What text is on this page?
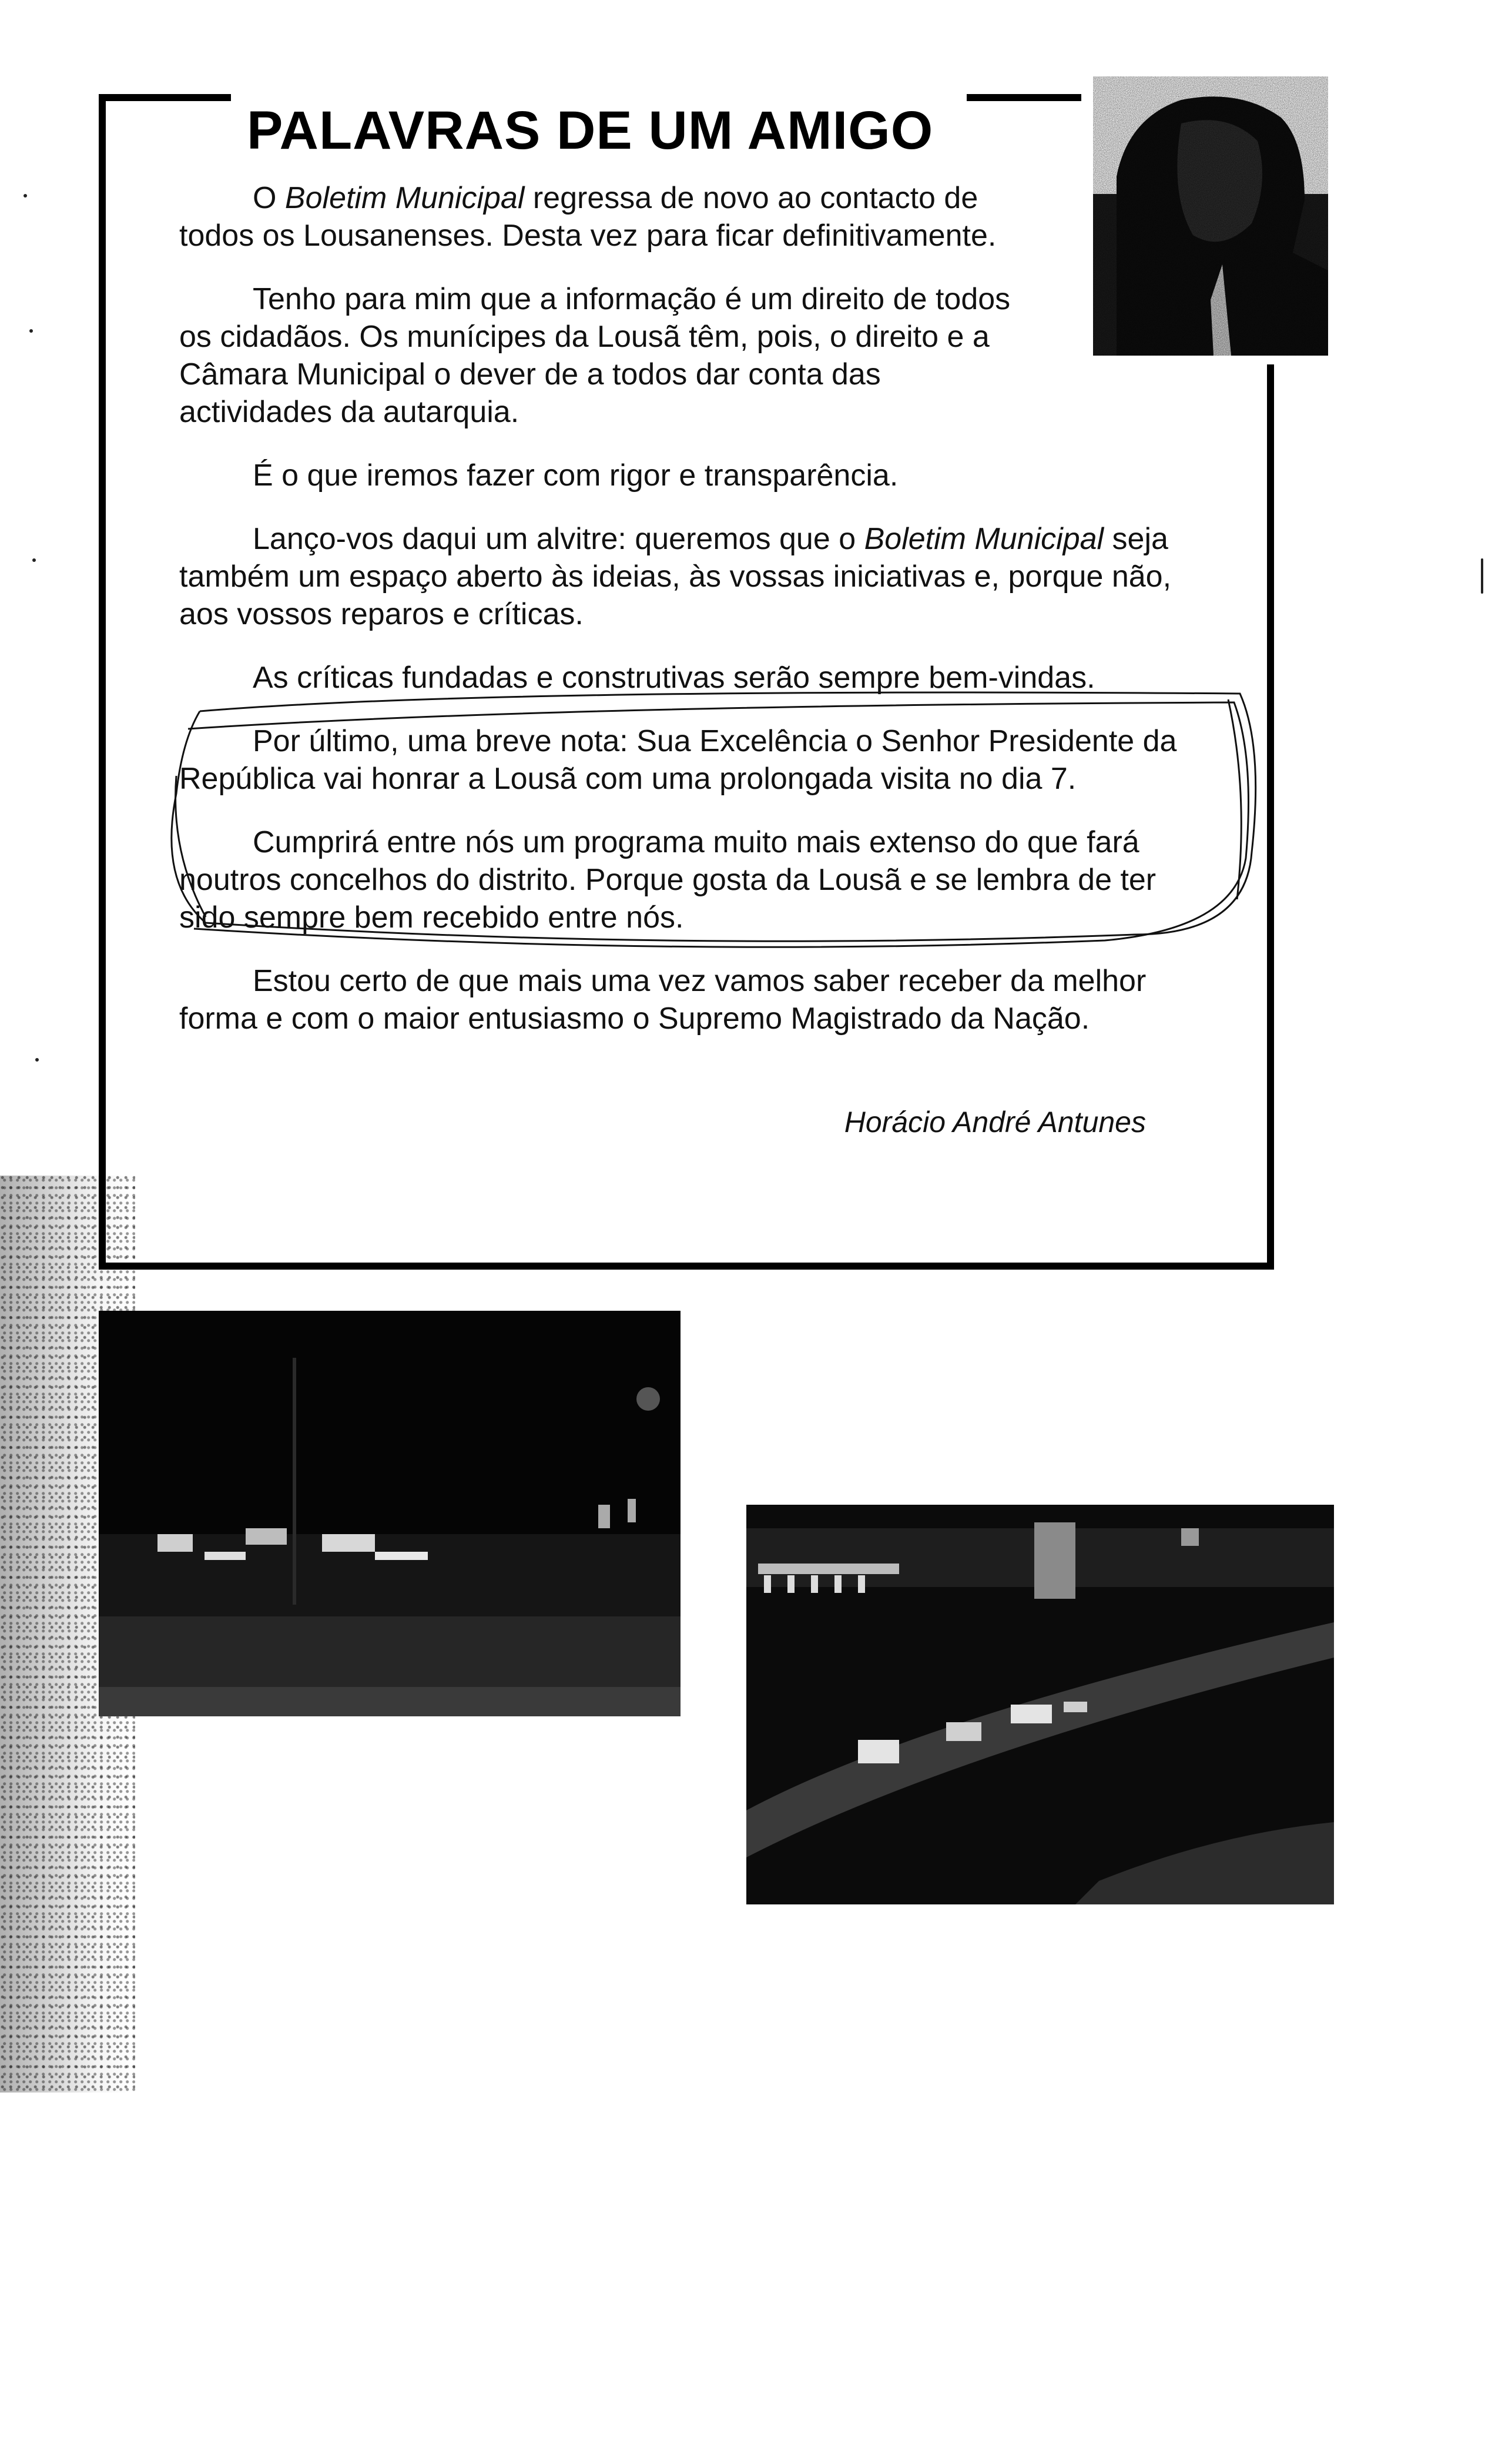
PALAVRAS DE UM AMIGO

O Boletim Municipal regressa de novo ao contacto de todos os Lousanenses. Desta vez para ficar definitivamente.

Tenho para mim que a informação é um direito de todos os cidadãos. Os munícipes da Lousã têm, pois, o direito e a Câmara Municipal o dever de a todos dar conta das actividades da autarquia.

É o que iremos fazer com rigor e transparência.

Lanço-vos daqui um alvitre: queremos que o Boletim Municipal seja também um espaço aberto às ideias, às vossas iniciativas e, porque não, aos vossos reparos e críticas.

As críticas fundadas e construtivas serão sempre bem-vindas.

Por último, uma breve nota: Sua Excelência o Senhor Presidente da República vai honrar a Lousã com uma prolongada visita no dia 7.

Cumprirá entre nós um programa muito mais extenso do que fará noutros concelhos do distrito. Porque gosta da Lousã e se lembra de ter sido sempre bem recebido entre nós.

Estou certo de que mais uma vez vamos saber receber da melhor forma e com o maior entusiasmo o Supremo Magistrado da Nação.

Horácio André Antunes
